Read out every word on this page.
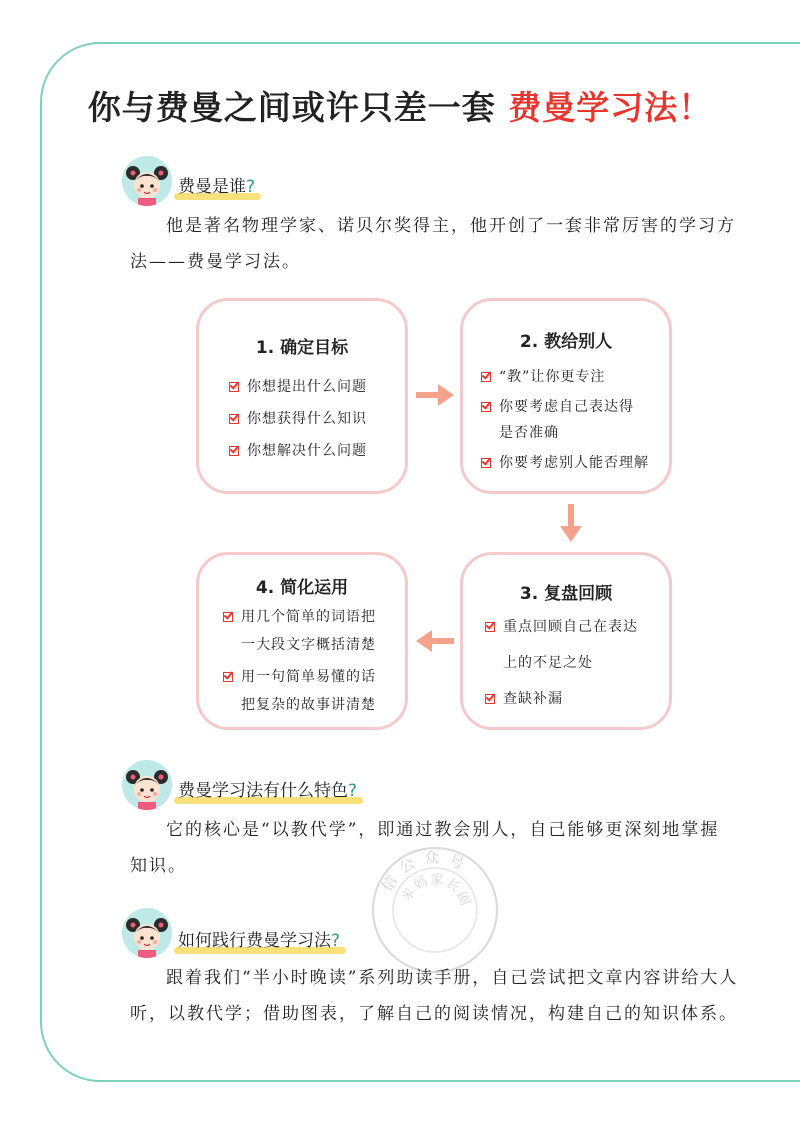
你与费曼之间或许只差一套 费曼学习法！
费曼是谁?
他是著名物理学家、诺贝尔奖得主，他开创了一套非常厉害的学习方法——费曼学习法。
1. 确定目标
你想提出什么问题
你想获得什么知识
你想解决什么问题
2. 教给别人
“教”让你更专注
你要考虑自己表达得
是否准确
你要考虑别人能否理解
3. 复盘回顾
重点回顾自己在表达
上的不足之处
查缺补漏
4. 简化运用
用几个简单的词语把
一大段文字概括清楚
用一句简单易懂的话
把复杂的故事讲清楚
费曼学习法有什么特色?
它的核心是“以教代学”，即通过教会别人，自己能够更深刻地掌握知识。
信
公 众 号
米
妈 家
长
圈
如何践行费曼学习法?
跟着我们“半小时晚读”系列助读手册，自己尝试把文章内容讲给大人听，以教代学；借助图表，了解自己的阅读情况，构建自己的知识体系。
